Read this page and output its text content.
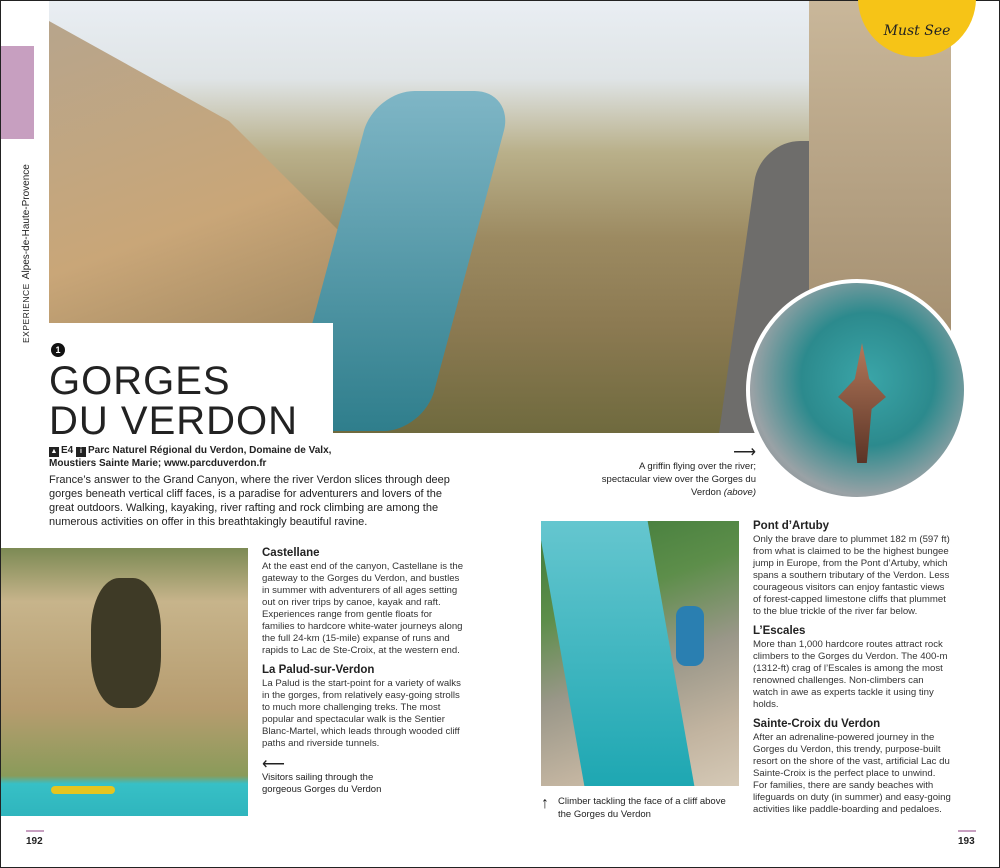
EXPERIENCEAlpes-de-Haute-Provence
Must See
1
GORGES
DU VERDON
▲ E4 i Parc Naturel Régional du Verdon, Domaine de Valx, Moustiers Sainte Marie; www.parcduverdon.fr
France’s answer to the Grand Canyon, where the river Verdon slices through deep gorges beneath vertical cliff faces, is a paradise for adventurers and lovers of the great outdoors. Walking, kayaking, river rafting and rock climbing are among the numerous activities on offer in this breathtakingly beautiful ravine.
⟶
A griffin flying over the river; spectacular view over the Gorges du Verdon (above)
Castellane

At the east end of the canyon, Castellane is the gateway to the Gorges du Verdon, and bustles in summer with adventurers of all ages setting out on river trips by canoe, kayak and raft. Experiences range from gentle floats for families to hardcore white-water journeys along the full 24-km (15-mile) expanse of runs and rapids to Lac de Ste-Croix, at the western end.

La Palud-sur-Verdon

La Palud is the start-point for a variety of walks in the gorges, from relatively easy-going strolls to much more challenging treks. The most popular and spectacular walk is the Sentier Blanc-Martel, which leads through wooded cliff paths and riverside tunnels.

⟵
Visitors sailing through the gorgeous Gorges du Verdon
↑ Climber tackling the face of a cliff above the Gorges du Verdon
Pont d’Artuby

Only the brave dare to plummet 182 m (597 ft) from what is claimed to be the highest bungee jump in Europe, from the Pont d’Artuby, which spans a southern tributary of the Verdon. Less courageous visitors can enjoy fantastic views of forest-capped limestone cliffs that plummet to the blue trickle of the river far below.

L’Escales

More than 1,000 hardcore routes attract rock climbers to the Gorges du Verdon. The 400-m (1312-ft) crag of l’Escales is among the most renowned challenges. Non-climbers can watch in awe as experts tackle it using tiny holds.

Sainte-Croix du Verdon

After an adrenaline-powered journey in the Gorges du Verdon, this trendy, purpose-built resort on the shore of the vast, artificial Lac du Sainte-Croix is the perfect place to unwind. For families, there are sandy beaches with lifeguards on duty (in summer) and easy-going activities like paddle-boarding and pedaloes.

192	193
